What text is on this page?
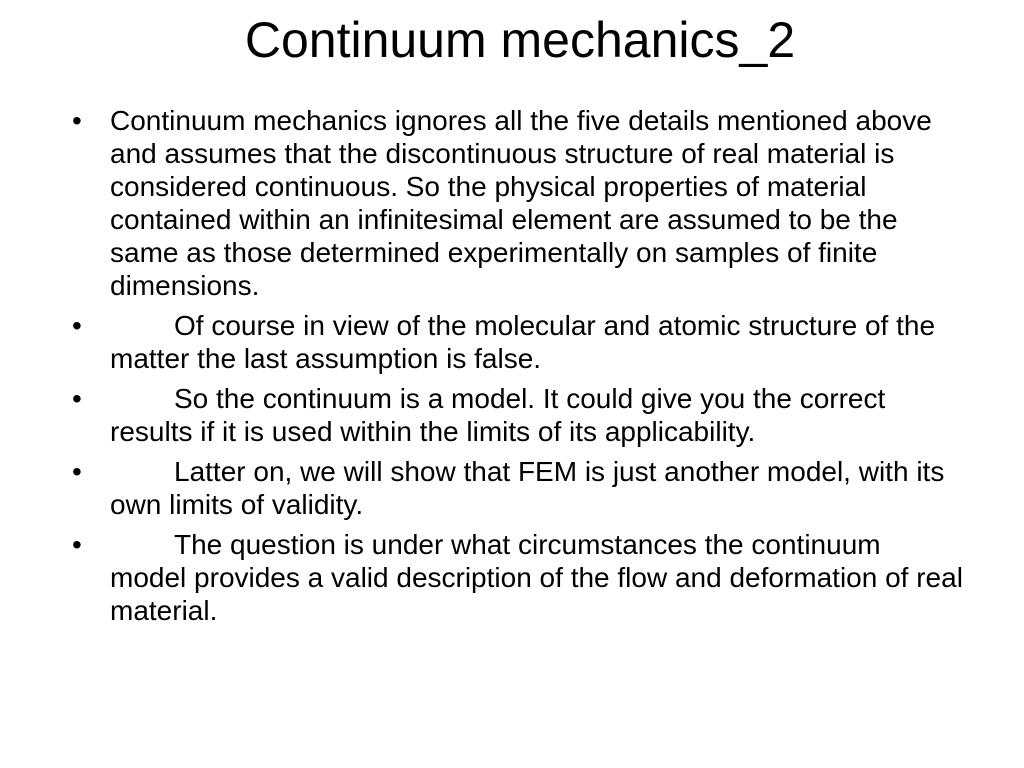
Continuum mechanics_2
• Continuum mechanics ignores all the five details mentioned above and assumes that the discontinuous structure of real material is considered continuous. So the physical properties of material contained within an infinitesimal element are assumed to be the same as those determined experimentally on samples of finite dimensions.
•	Of course in view of the molecular and atomic structure of the matter the last assumption is false.
•	So the continuum is a model. It could give you the correct results if it is used within the limits of its applicability.
•	Latter on, we will show that FEM is just another model, with its own limits of validity.
•	The question is under what circumstances the continuum model provides a valid description of the flow and deformation of real material.
